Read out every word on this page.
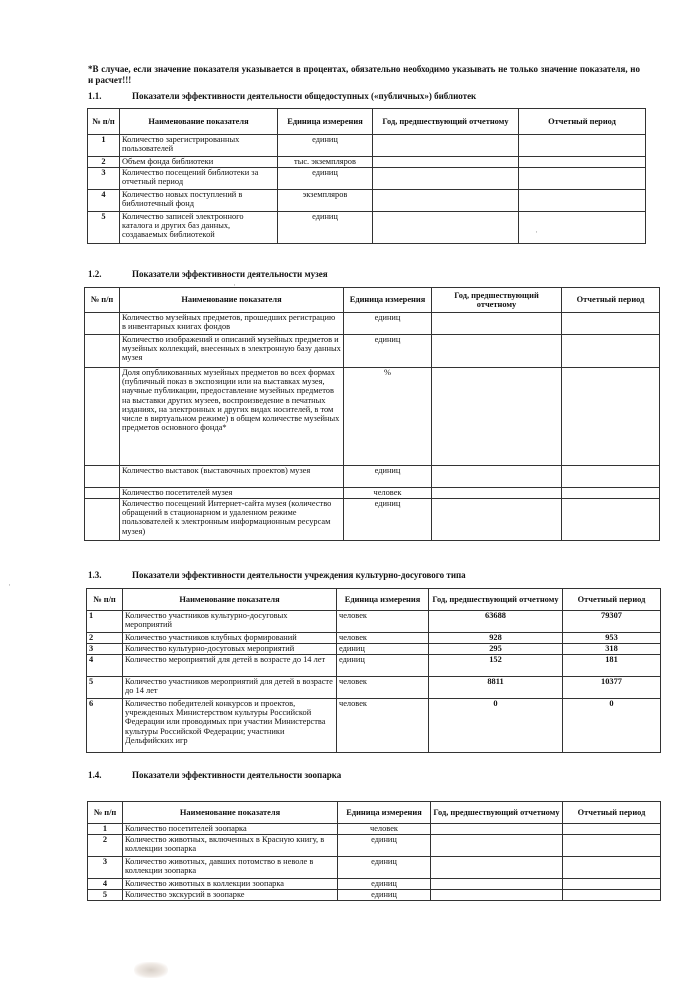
*В случае, если значение показателя указывается в процентах, обязательно необходимо указывать не только значение показателя, но и расчет!!!
1.1.	Показатели эффективности деятельности общедоступных («публичных») библиотек
№ п/п	Наименование показателя	Единица измерения	Год, предшествующий отчетному	Отчетный период
1	Количество зарегистрированных пользователей	единиц		
2	Объем фонда библиотеки	тыс. экземпляров		
3	Количество посещений библиотеки за отчетный период	единиц		
4	Количество новых поступлений в библиотечный фонд	экземпляров		
5	Количество записей электронного каталога и других баз данных, создаваемых библиотекой	единиц		
1.2.	Показатели эффективности деятельности музея
№ п/п	Наименование показателя	Единица измерения	Год, предшествующий отчетному	Отчетный период
	Количество музейных предметов, прошедших регистрацию в инвентарных книгах фондов	единиц		
	Количество изображений и описаний музейных предметов и музейных коллекций, внесенных в электронную базу данных музея	единиц		
	Доля опубликованных музейных предметов во всех формах (публичный показ в экспозиции или на выставках музея, научные публикации, предоставление музейных предметов на выставки других музеев, воспроизведение в печатных изданиях, на электронных и других видах носителей, в том числе в виртуальном режиме) в общем количестве музейных предметов основного фонда*	%		
	Количество выставок (выставочных проектов) музея	единиц		
	Количество посетителей музея	человек		
	Количество посещений Интернет-сайта музея (количество обращений в стационарном и удаленном режиме пользователей к электронным информационным ресурсам музея)	единиц		
1.3.	Показатели эффективности деятельности учреждения культурно-досугового типа
№ п/п	Наименование показателя	Единица измерения	Год, предшествующий отчетному	Отчетный период
1	Количество участников культурно-досуговых мероприятий	человек	63688	79307
2	Количество участников клубных формирований	человек	928	953
3	Количество культурно-досуговых мероприятий	единиц	295	318
4	Количество мероприятий для детей в возрасте до 14 лет	единиц	152	181
5	Количество участников мероприятий для детей в возрасте до 14 лет	человек	8811	10377
6	Количество победителей конкурсов и проектов, учрежденных Министерством культуры Российской Федерации или проводимых при участии Министерства культуры Российской Федерации; участники Дельфийских игр	человек	0	0
1.4.	Показатели эффективности деятельности зоопарка
№ п/п	Наименование показателя	Единица измерения	Год, предшествующий отчетному	Отчетный период
1	Количество посетителей зоопарка	человек		
2	Количество животных, включенных в Красную книгу, в коллекции зоопарка	единиц		
3	Количество животных, давших потомство в неволе в коллекции зоопарка	единиц		
4	Количество животных в коллекции зоопарка	единиц		
5	Количество экскурсий в зоопарке	единиц		
·
·
·
